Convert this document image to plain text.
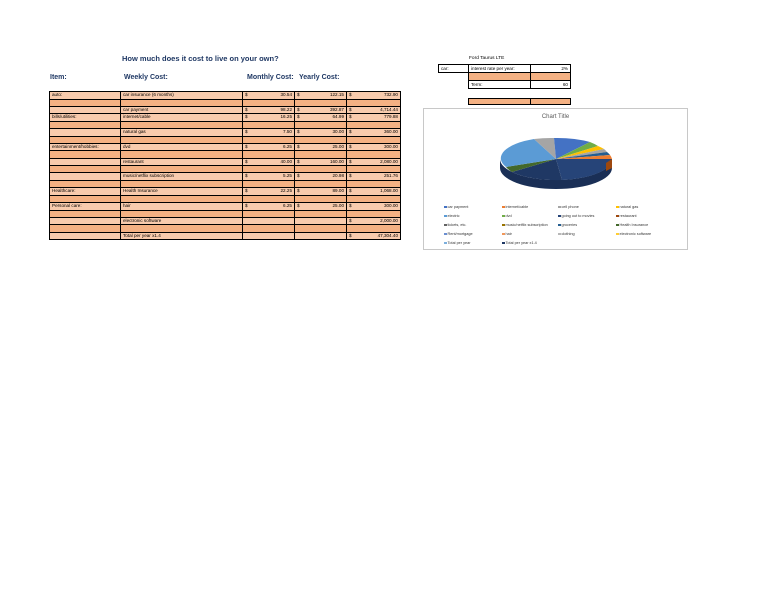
How much does it cost to live on your own?
Item:	Weekly Cost:	Monthly Cost: Yearly Cost:
auto:	car insurance (6 months)	$ 30.54	$ 122.15	$ 732.90

	car payment	$ 98.22	$ 392.87	$ 4,714.44

bills/utilities:	internet/cable	$ 16.25	$ 64.99	$ 779.88

	natural gas	$ 7.50	$ 30.00	$ 360.00

entertainment/hobbies:	dvd	$ 6.25	$ 25.00	$ 300.00

	restaurant	$ 40.00	$ 160.00	$ 2,080.00

	music/netflix subscription	$ 5.25	$ 20.98	$ 251.76

Healthcare:	Health Insurance	$ 22.25	$ 89.00	$ 1,068.00

Personal care:	hair	$ 6.25	$ 25.00	$ 300.00

	electronic software			$ 2,000.00

	Total per year x1.4			$ 47,304.40
Ford Taurus LTE
car:	interest rate per year:	2%

	Term:	60

Chart Title
car payment	internet/cable	cell phone	natural gas
electric	dvd	going out to movies	restaurant
tickets, etc.	music/netflix subscription	groceries	Health Insurance
Rent/mortgage	hair	clothing	electronic software
Total per year	Total per year x1.4
